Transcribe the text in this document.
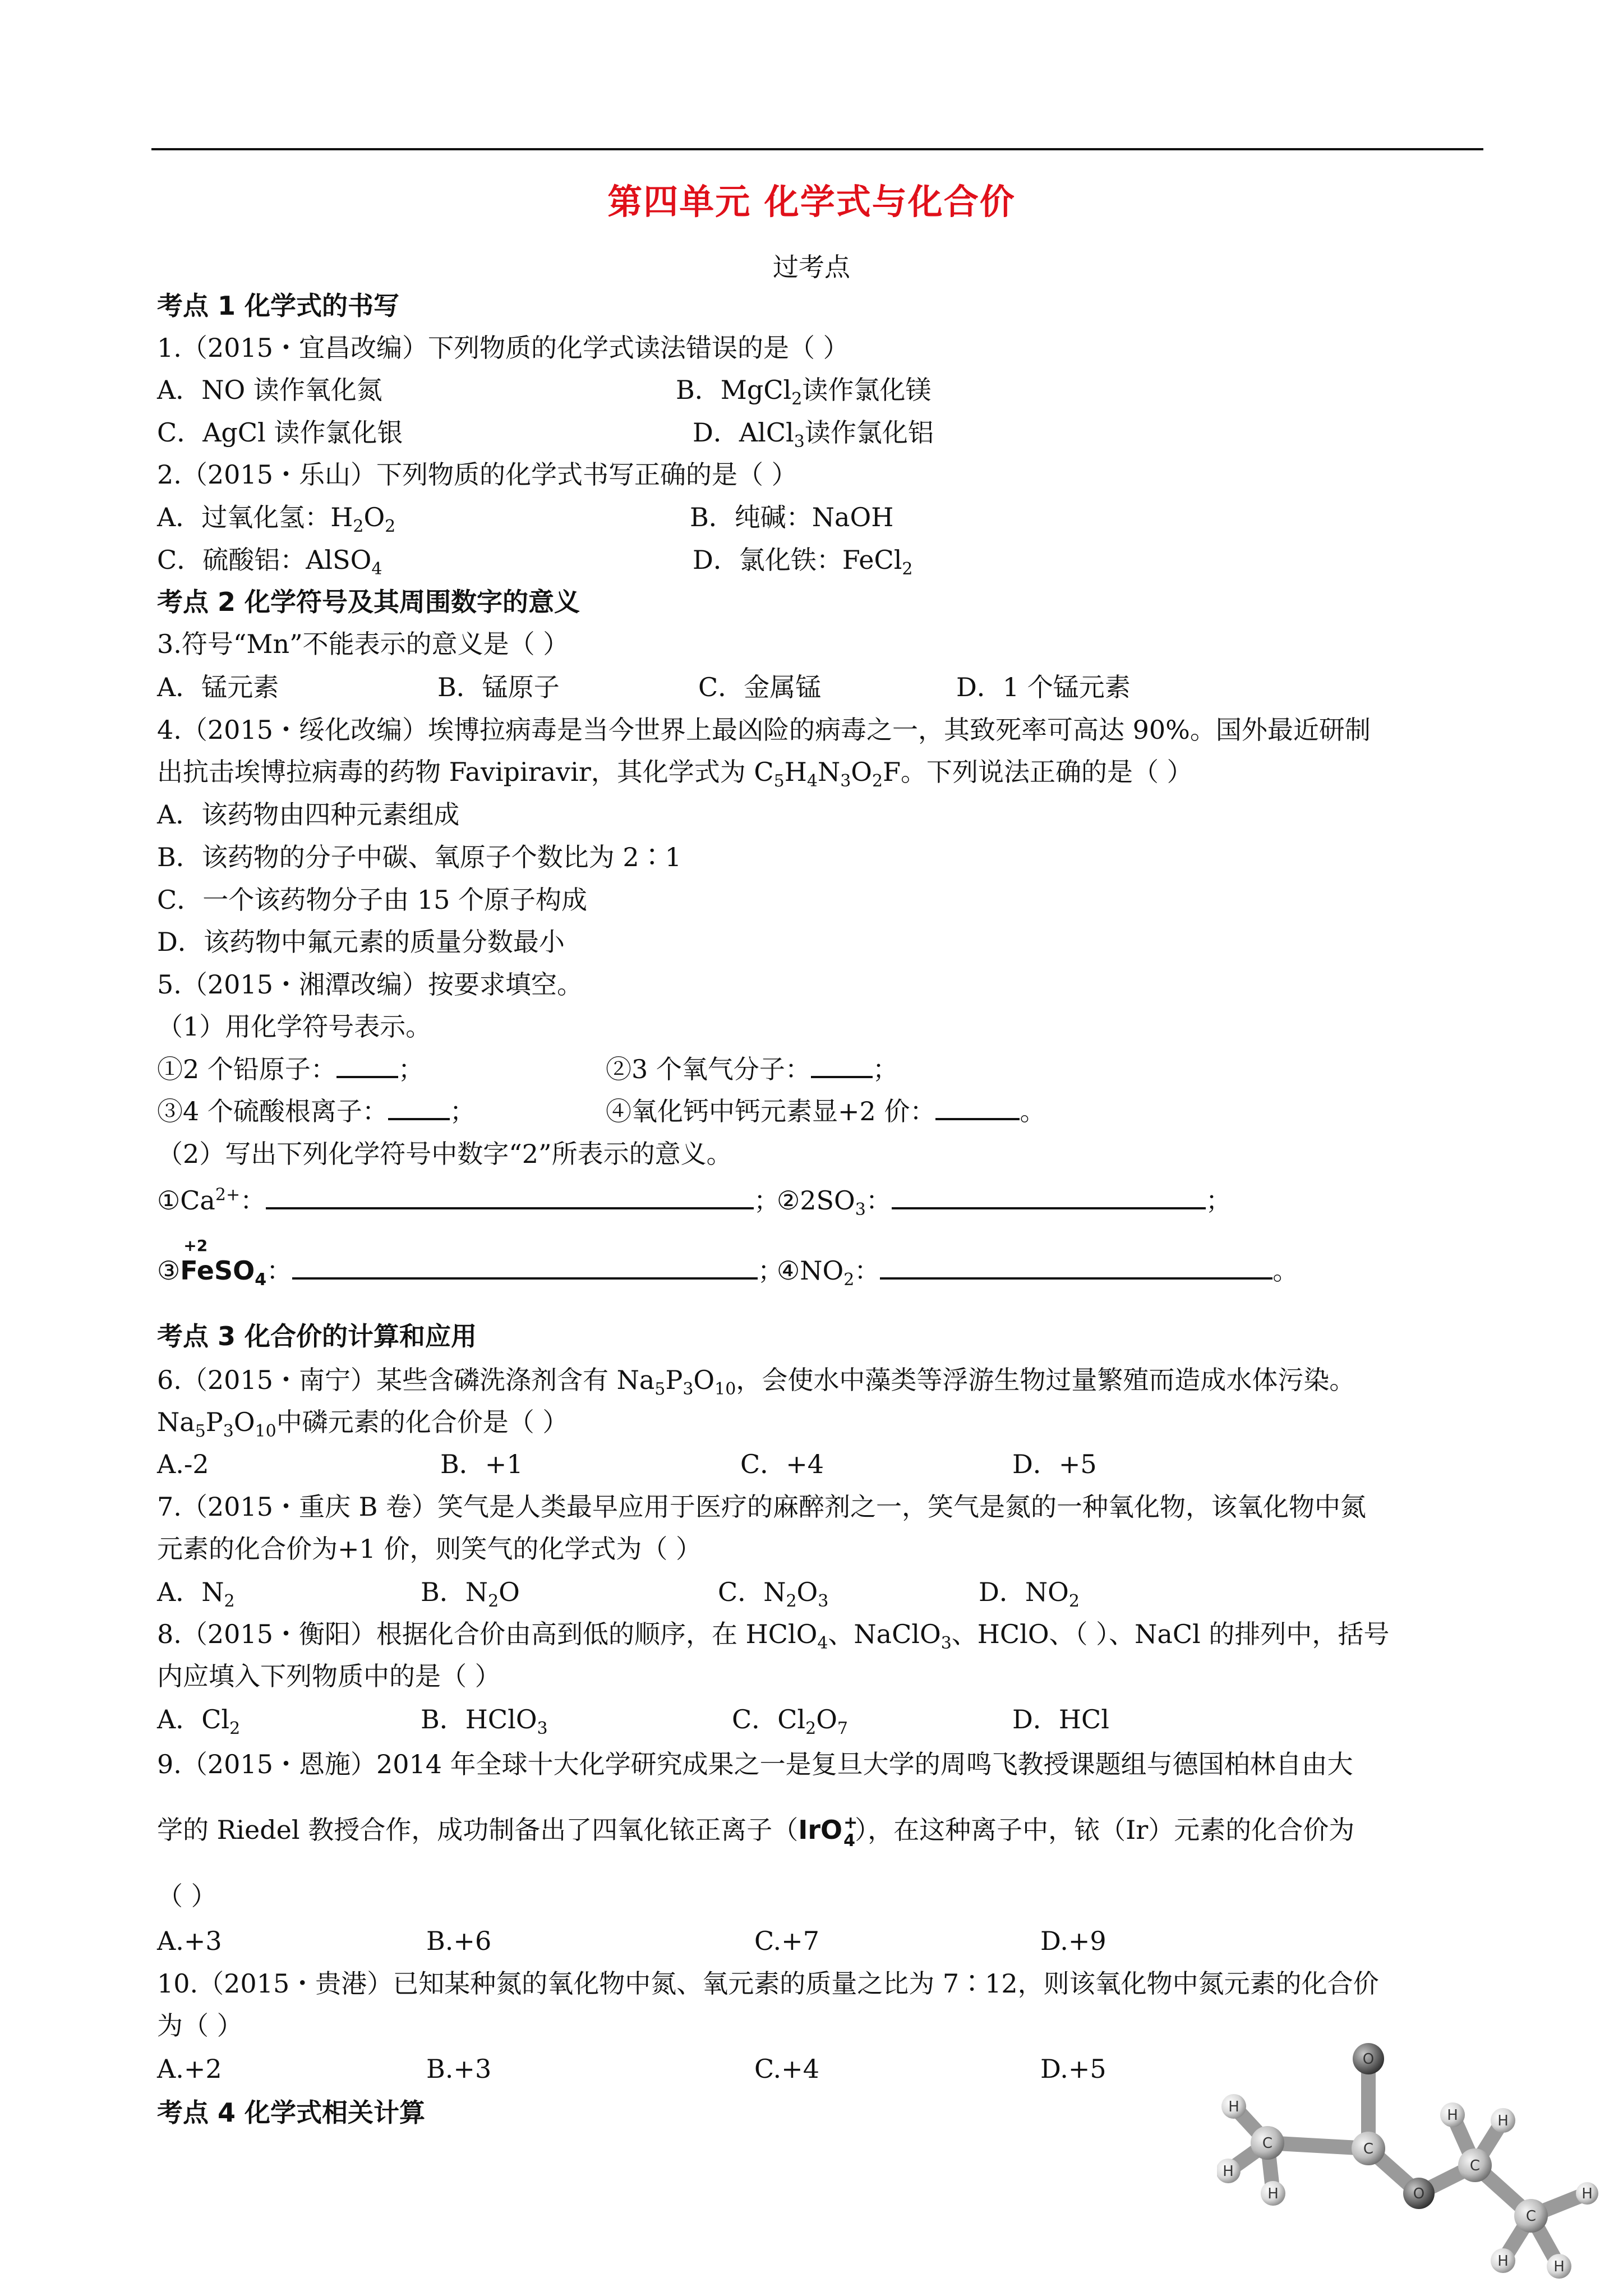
第四单元 化学式与化合价
过考点
考点 1 化学式的书写
1.（2015・宜昌改编）下列物质的化学式读法错误的是（ ）
A．NO 读作氧化氮	B．MgCl$_2$读作氯化镁
C．AgCl 读作氯化银	D．AlCl$_3$读作氯化铝
2.（2015・乐山）下列物质的化学式书写正确的是（ ）
A．过氧化氢：$H_2O_2$	B．纯碱：NaOH
C．硫酸铝：AlSO$_4$	D．氯化铁：FeCl$_2$
考点 2 化学符号及其周围数字的意义
3.符号“Mn”不能表示的意义是（ ）
A．锰元素	B．锰原子	C．金属锰	D．1 个锰元素
4.（2015・绥化改编）埃博拉病毒是当今世界上最凶险的病毒之一，其致死率可高达 90%。国外最近研制
出抗击埃博拉病毒的药物 Favipiravir，其化学式为 $C_5H_4N_3O_2F$。下列说法正确的是（ ）
A．该药物由四种元素组成
B．该药物的分子中碳、氧原子个数比为 2∶1
C．一个该药物分子由 15 个原子构成
D．该药物中氟元素的质量分数最小
5.（2015・湘潭改编）按要求填空。
（1）用化学符号表示。
①2 个铅原子： ；	②3 个氧气分子： ；
③4 个硫酸根离子： ；	④氧化钙中钙元素显+2 价：	。
（2）写出下列化学符号中数字“2”所表示的意义。
$①Ca^{2+}$：	；
$②2SO_3$：	；
③
+2
FeSO$_4$：	；
$④NO_2$：	。
考点 3 化合价的计算和应用
6.（2015・南宁）某些含磷洗涤剂含有 $Na_5P_3O_{10}$，会使水中藻类等浮游生物过量繁殖而造成水体污染。
$Na_5P_3O_{10}$中磷元素的化合价是（ ）
A.-2	B．+1	C．+4	D．+5
7.（2015・重庆 B 卷）笑气是人类最早应用于医疗的麻醉剂之一，笑气是氮的一种氧化物，该氧化物中氮
元素的化合价为+1 价，则笑气的化学式为（ ）
A．$N_2$	B．$N_2O$	C．$N_2O_3$	D．$NO_2$
8.（2015・衡阳）根据化合价由高到低的顺序，在 HClO$_4$、NaClO$_3$、HClO、（ ）、NaCl 的排列中，括号
内应填入下列物质中的是（ ）
A．$Cl_2$	B．HClO$_3$	C．$Cl_2O_7$	D．HCl
9.（2015・恩施）2014 年全球十大化学研究成果之一是复旦大学的周鸣飞教授课题组与德国柏林自由大
学的 Riedel 教授合作，成功制备出了四氧化铱正离子（IrO +
4 ），在这种离子中，铱（Ir）元素的化合价为
（ ）
A.+3	B.+6	C.+7	D.+9
10.（2015・贵港）已知某种氮的氧化物中氮、氧元素的质量之比为 7∶12，则该氧化物中氮元素的化合价
为（ ）
A.+2	B.+3	C.+4	D.+5
考点 4 化学式相关计算
O
C
C
O
C
C
H
H
H
H	H
H
H
H
